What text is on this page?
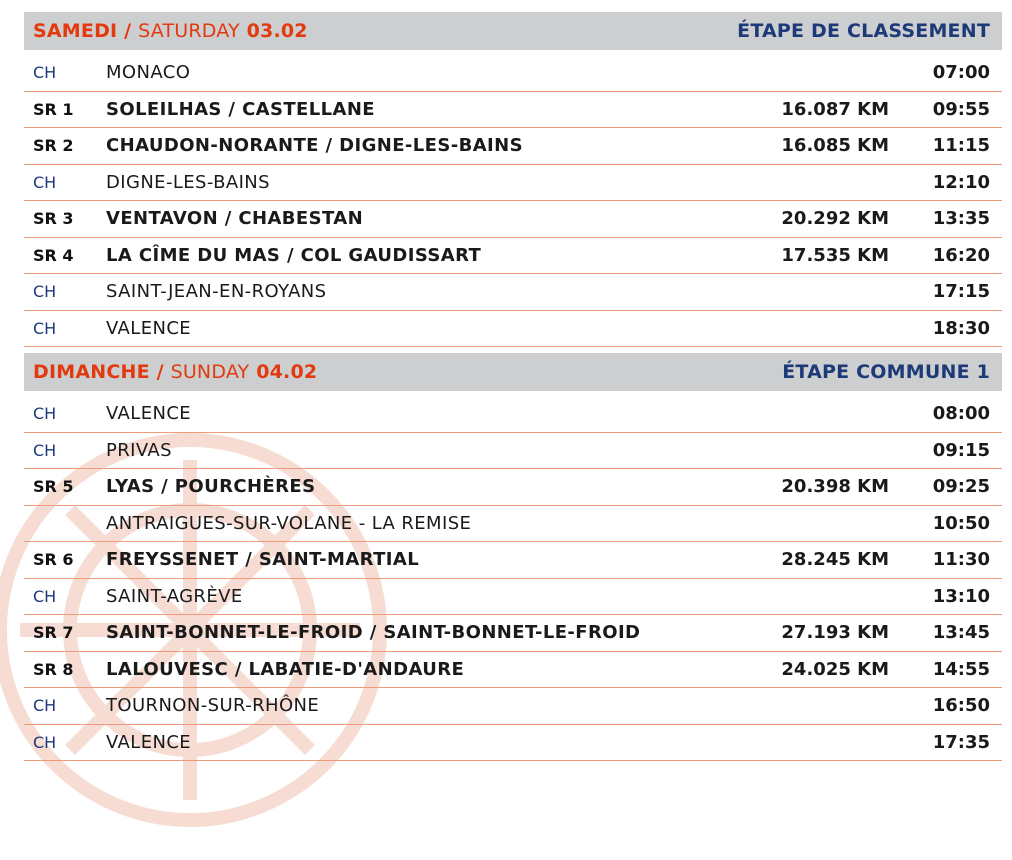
SAMEDI / SATURDAY 03.02	ÉTAPE DE CLASSEMENT
CH	MONACO	07:00
SR 1	SOLEILHAS / CASTELLANE	16.087 KM	09:55
SR 2	CHAUDON-NORANTE / DIGNE-LES-BAINS	16.085 KM	11:15
CH	DIGNE-LES-BAINS	12:10
SR 3	VENTAVON / CHABESTAN	20.292 KM	13:35
SR 4	LA CÎME DU MAS / COL GAUDISSART	17.535 KM	16:20
CH	SAINT-JEAN-EN-ROYANS	17:15
CH	VALENCE	18:30
DIMANCHE / SUNDAY 04.02	ÉTAPE COMMUNE 1
CH	VALENCE	08:00
CH	PRIVAS	09:15
SR 5	LYAS / POURCHÈRES	20.398 KM	09:25
ANTRAIGUES-SUR-VOLANE - LA REMISE	10:50
SR 6	FREYSSENET / SAINT-MARTIAL	28.245 KM	11:30
CH	SAINT-AGRÈVE	13:10
SR 7	SAINT-BONNET-LE-FROID / SAINT-BONNET-LE-FROID	27.193 KM	13:45
SR 8	LALOUVESC / LABATIE-D'ANDAURE	24.025 KM	14:55
CH	TOURNON-SUR-RHÔNE	16:50
CH	VALENCE	17:35
